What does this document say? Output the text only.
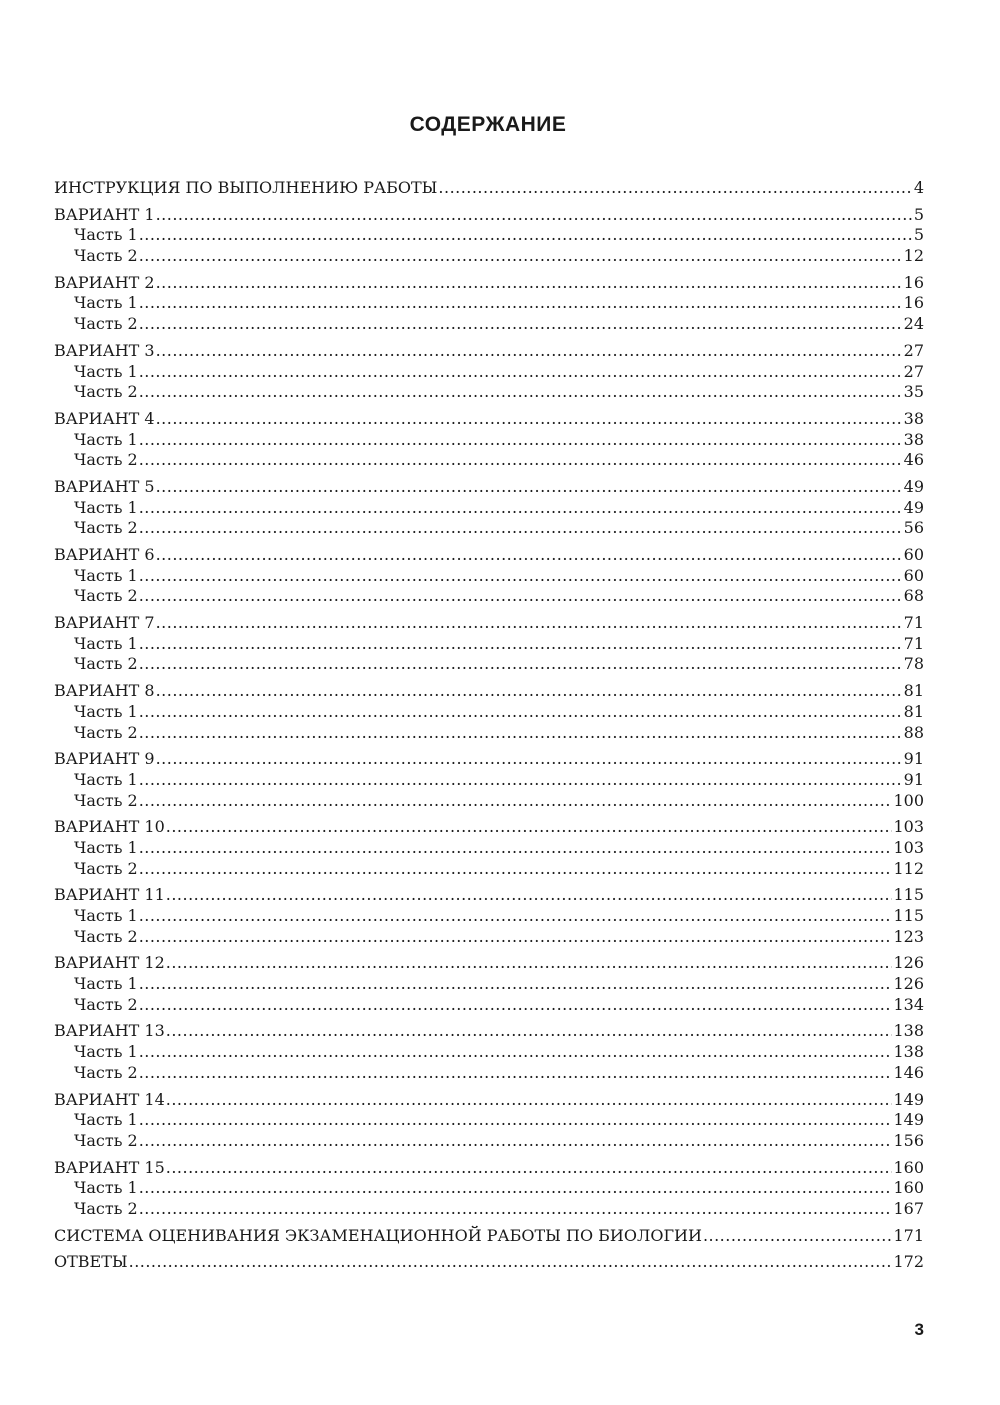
СОДЕРЖАНИЕ
ИНСТРУКЦИЯ ПО ВЫПОЛНЕНИЮ РАБОТЫ . . .	4
ВАРИАНТ 1 . . .	5
Часть 1 . . .	5
Часть 2 . . .	12
ВАРИАНТ 2 . . .	16
Часть 1 . . .	16
Часть 2 . . .	24
ВАРИАНТ 3 . . .	27
Часть 1 . . .	27
Часть 2 . . .	35
ВАРИАНТ 4 . . .	38
Часть 1 . . .	38
Часть 2 . . .	46
ВАРИАНТ 5 . . .	49
Часть 1 . . .	49
Часть 2 . . .	56
ВАРИАНТ 6 . . .	60
Часть 1 . . .	60
Часть 2 . . .	68
ВАРИАНТ 7 . . .	71
Часть 1 . . .	71
Часть 2 . . .	78
ВАРИАНТ 8 . . .	81
Часть 1 . . .	81
Часть 2 . . .	88
ВАРИАНТ 9 . . .	91
Часть 1 . . .	91
Часть 2 . . .	100
ВАРИАНТ 10 . . .	103
Часть 1 . . .	103
Часть 2 . . .	112
ВАРИАНТ 11 . . .	115
Часть 1 . . .	115
Часть 2 . . .	123
ВАРИАНТ 12 . . .	126
Часть 1 . . .	126
Часть 2 . . .	134
ВАРИАНТ 13 . . .	138
Часть 1 . . .	138
Часть 2 . . .	146
ВАРИАНТ 14 . . .	149
Часть 1 . . .	149
Часть 2 . . .	156
ВАРИАНТ 15 . . .	160
Часть 1 . . .	160
Часть 2 . . .	167
СИСТЕМА ОЦЕНИВАНИЯ ЭКЗАМЕНАЦИОННОЙ РАБОТЫ ПО БИОЛОГИИ . . .	171
ОТВЕТЫ . . .	172
3
